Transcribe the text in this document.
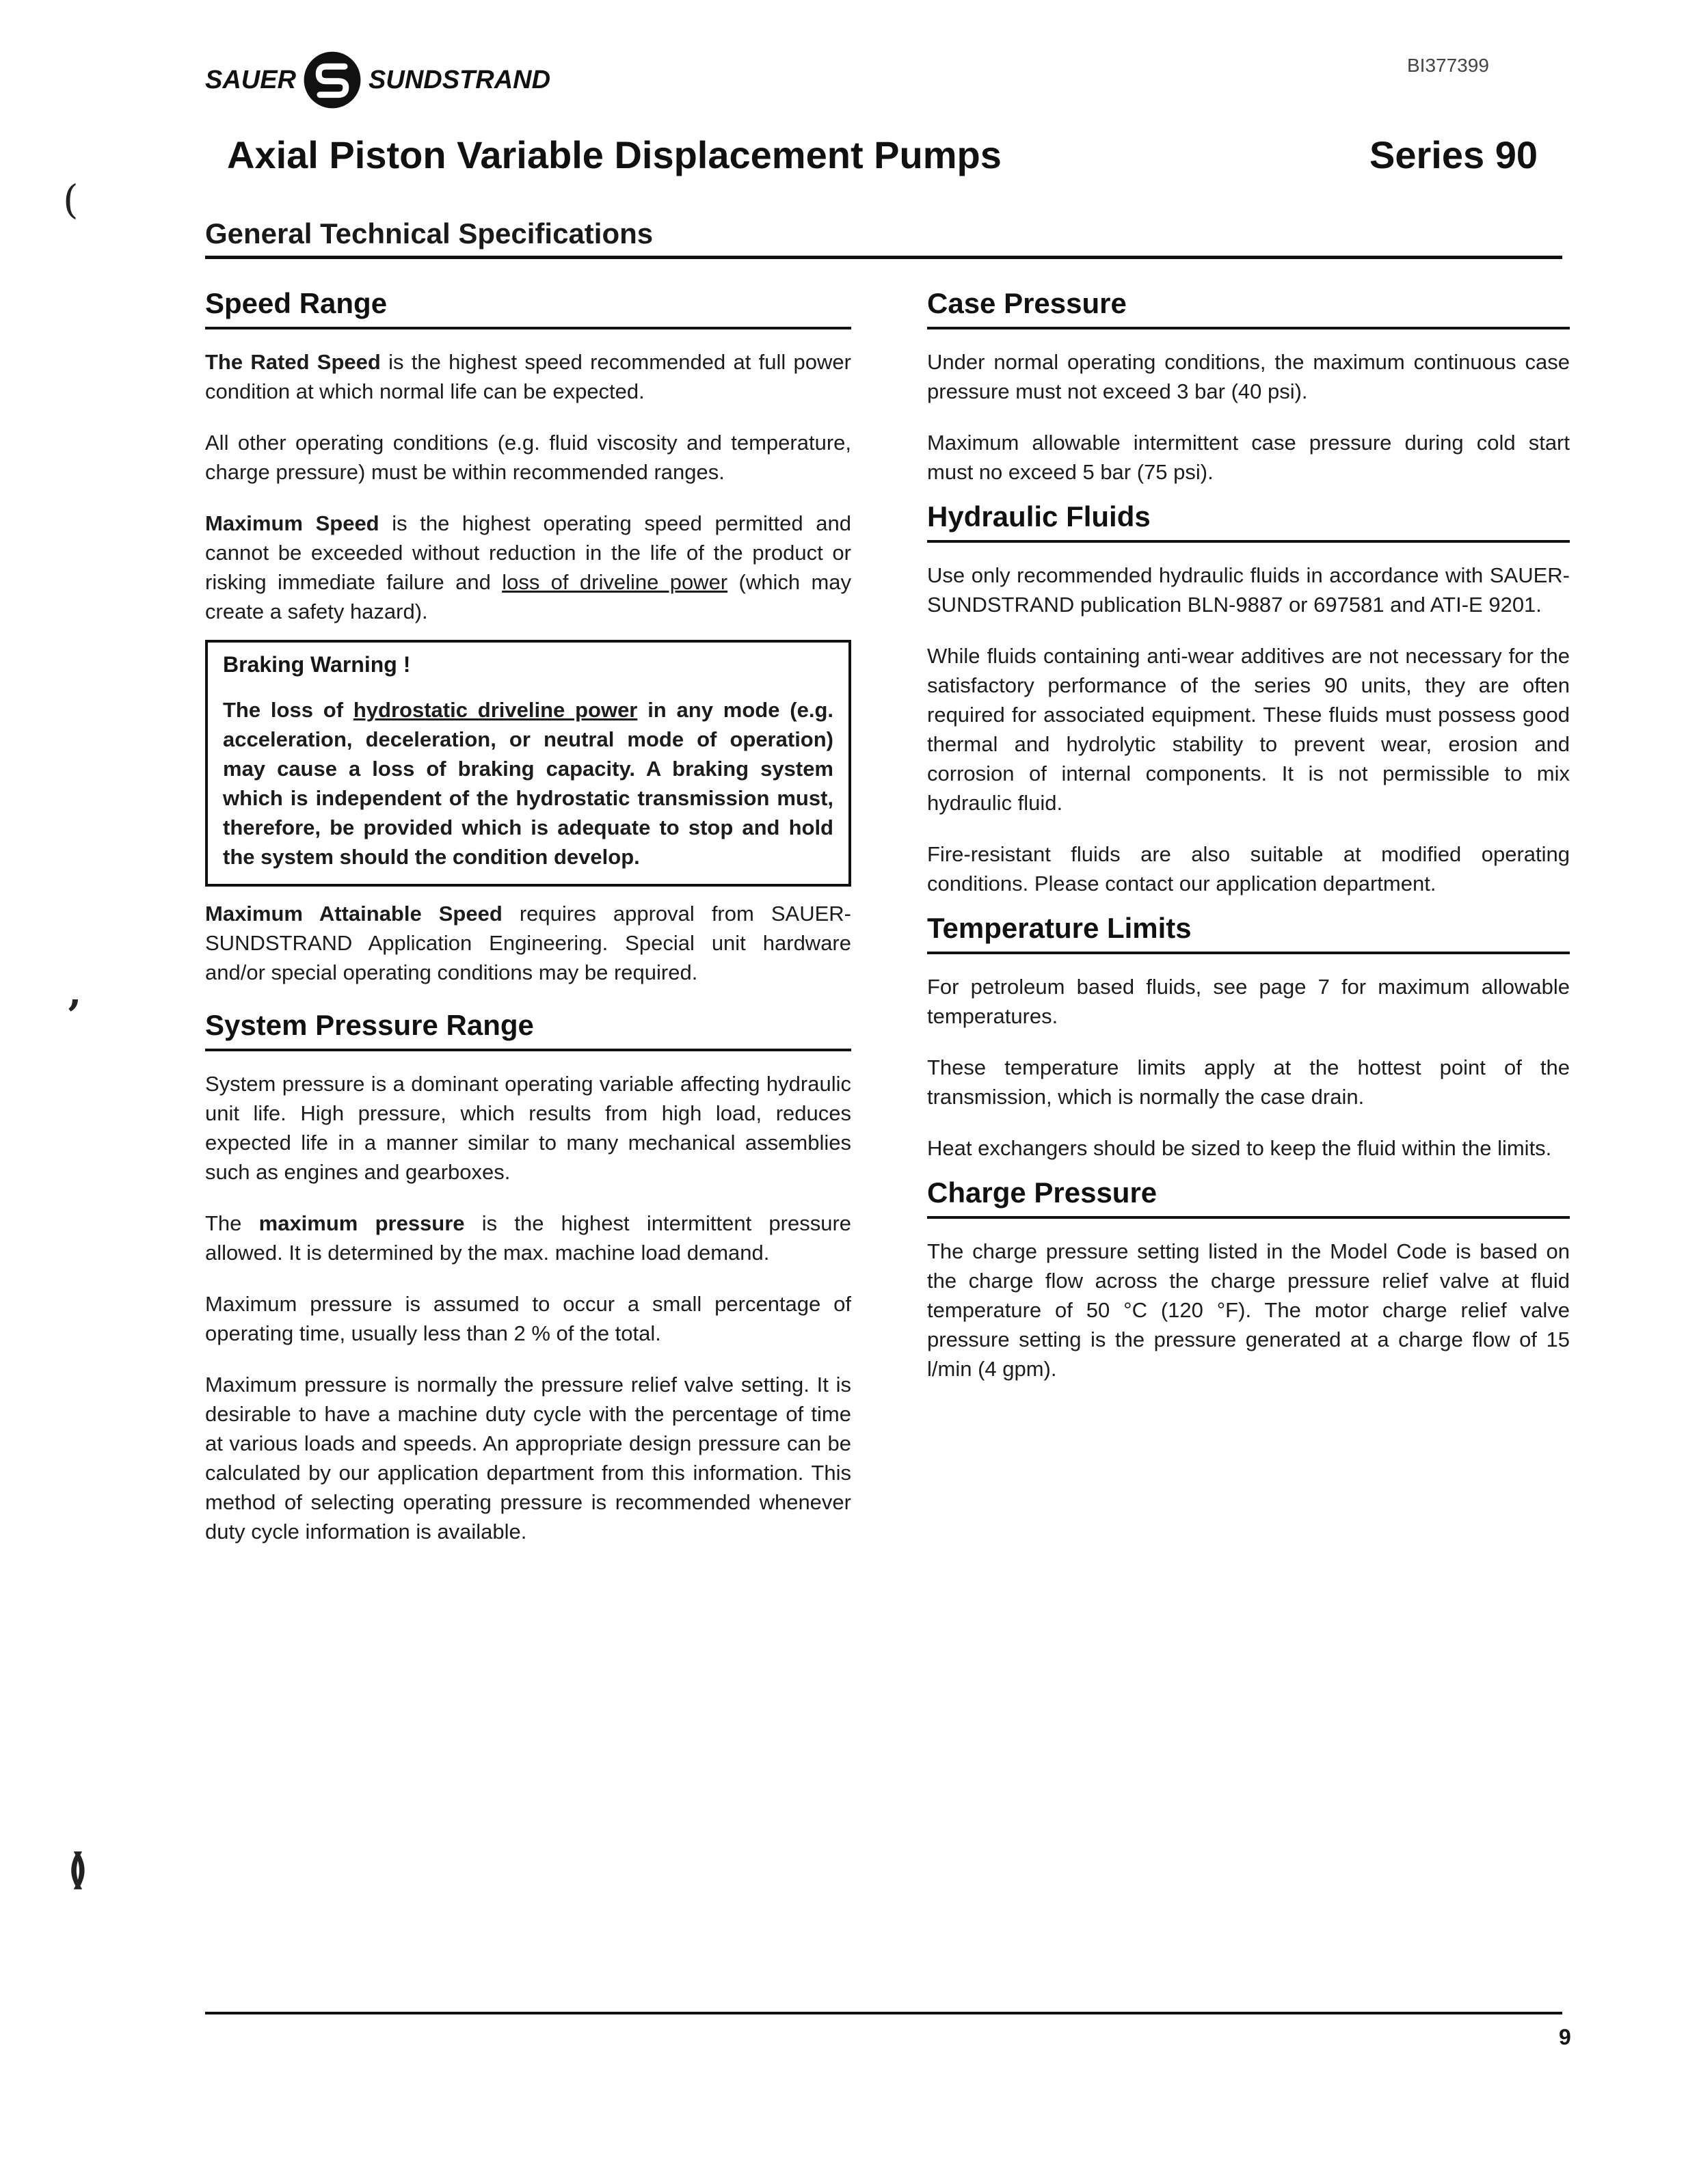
SAUER	SUNDSTRAND	BI377399
Axial Piston Variable Displacement Pumps	Series 90
General Technical Specifications
Speed Range

The Rated Speed is the highest speed recommended at full power condition at which normal life can be expected.

All other operating conditions (e.g. fluid viscosity and temperature, charge pressure) must be within recommended ranges.

Maximum Speed is the highest operating speed permitted and cannot be exceeded without reduction in the life of the product or risking immediate failure and loss of driveline power (which may create a safety hazard).

Braking Warning !

The loss of hydrostatic driveline power in any mode (e.g. acceleration, deceleration, or neutral mode of operation) may cause a loss of braking capacity. A braking system which is independent of the hydrostatic transmission must, therefore, be provided which is adequate to stop and hold the system should the condition develop.

Maximum Attainable Speed requires approval from SAUER-SUNDSTRAND Application Engineering. Special unit hardware and/or special operating conditions may be required.

System Pressure Range

System pressure is a dominant operating variable affecting hydraulic unit life. High pressure, which results from high load, reduces expected life in a manner similar to many mechanical assemblies such as engines and gearboxes.

The maximum pressure is the highest intermittent pressure allowed. It is determined by the max. machine load demand.

Maximum pressure is assumed to occur a small percentage of operating time, usually less than 2 % of the total.

Maximum pressure is normally the pressure relief valve setting. It is desirable to have a machine duty cycle with the percentage of time at various loads and speeds. An appropriate design pressure can be calculated by our application department from this information. This method of selecting operating pressure is recommended whenever duty cycle information is available.

Case Pressure

Under normal operating conditions, the maximum continuous case pressure must not exceed 3 bar (40 psi).

Maximum allowable intermittent case pressure during cold start must no exceed 5 bar (75 psi).

Hydraulic Fluids

Use only recommended hydraulic fluids in accordance with SAUER-SUNDSTRAND publication BLN-9887 or 697581 and ATI-E 9201.

While fluids containing anti-wear additives are not necessary for the satisfactory performance of the series 90 units, they are often required for associated equipment. These fluids must possess good thermal and hydrolytic stability to prevent wear, erosion and corrosion of internal components. It is not permissible to mix hydraulic fluid.

Fire-resistant fluids are also suitable at modified operating conditions. Please contact our application department.

Temperature Limits

For petroleum based fluids, see page 7 for maximum allowable temperatures.

These temperature limits apply at the hottest point of the transmission, which is normally the case drain.

Heat exchangers should be sized to keep the fluid within the limits.

Charge Pressure

The charge pressure setting listed in the Model Code is based on the charge flow across the charge pressure relief valve at fluid temperature of 50 °C (120 °F). The motor charge relief valve pressure setting is the pressure generated at a charge flow of 15 l/min (4 gpm).

(
ʼ
≬
9
